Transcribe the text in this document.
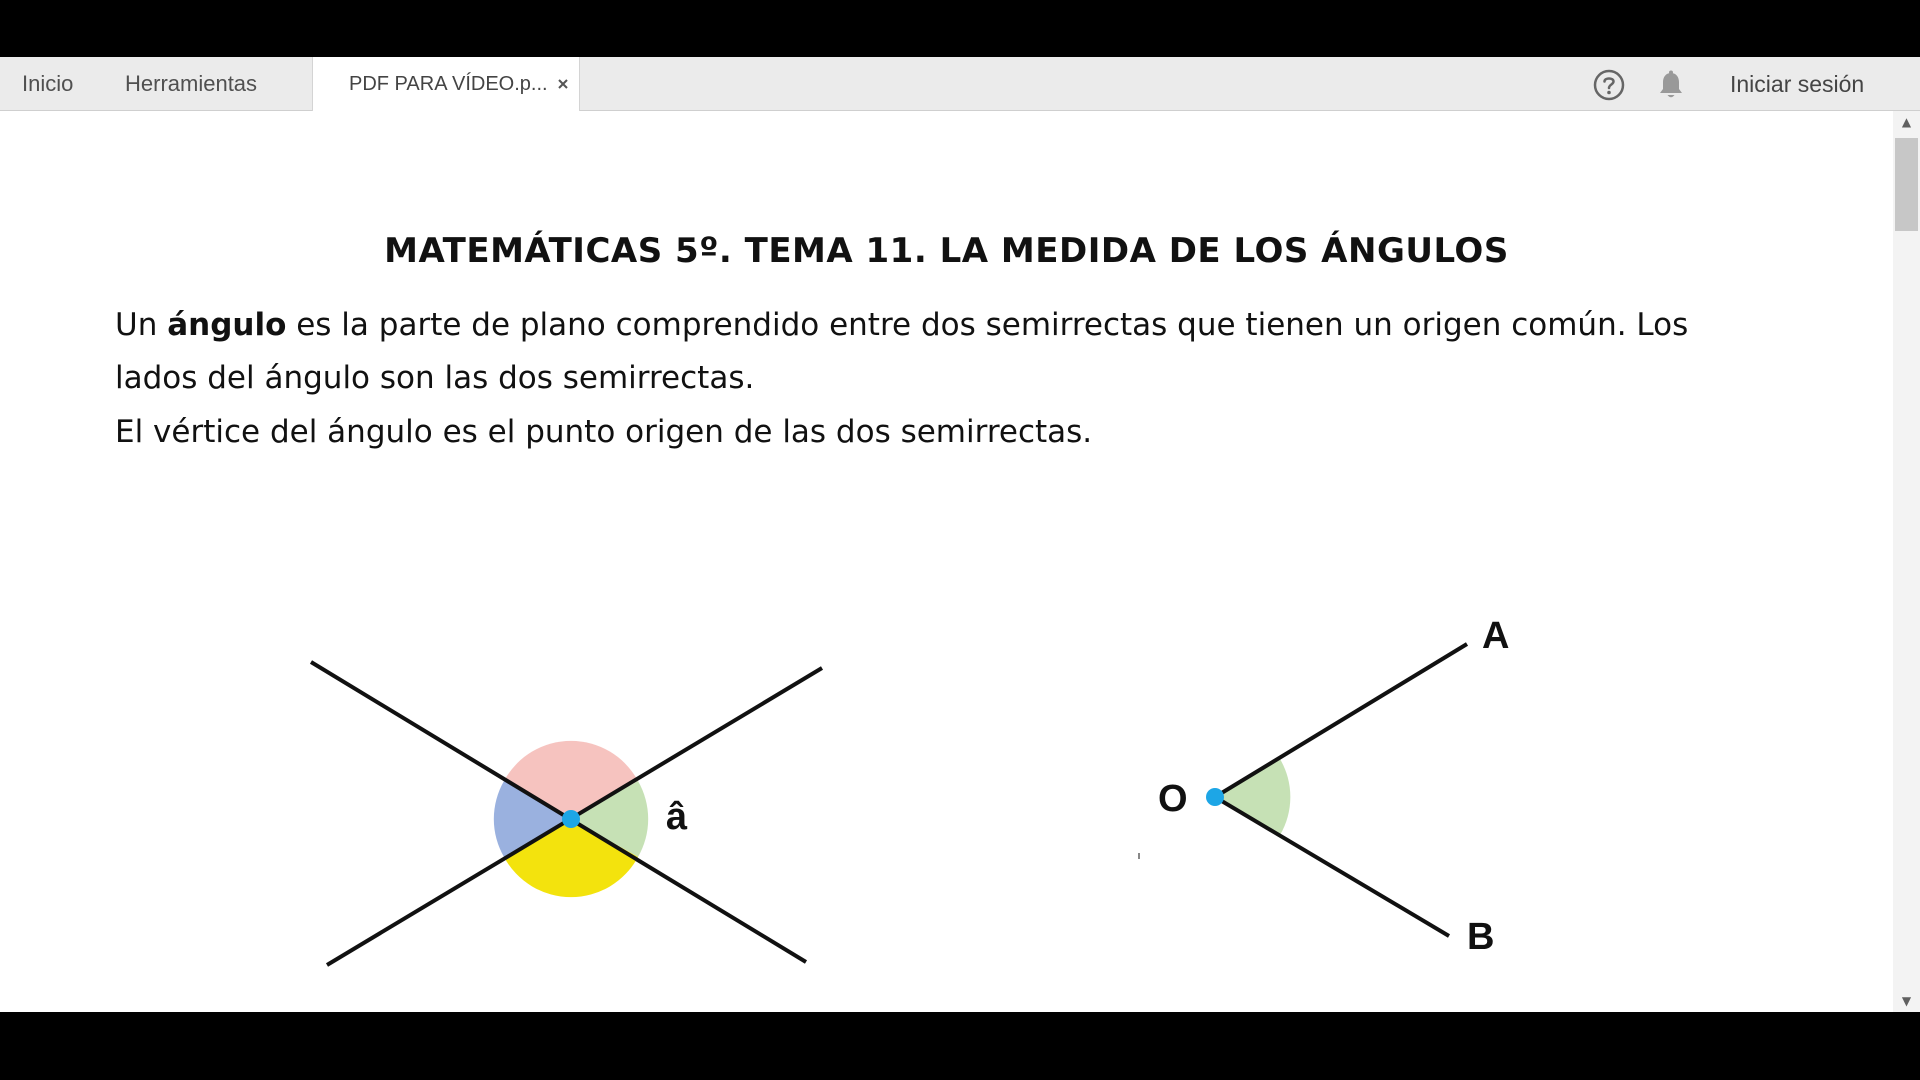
Inicio Herramientas	PDF PARA VÍDEO.p...	Iniciar sesión
MATEMÁTICAS 5º. TEMA 11. LA MEDIDA DE LOS ÁNGULOS

Un ángulo es la parte de plano comprendido entre dos semirrectas que tienen un origen común. Los lados del ángulo son las dos semirrectas.

El vértice del ángulo es el punto origen de las dos semirrectas.

â	O
A
B
▲
▼
